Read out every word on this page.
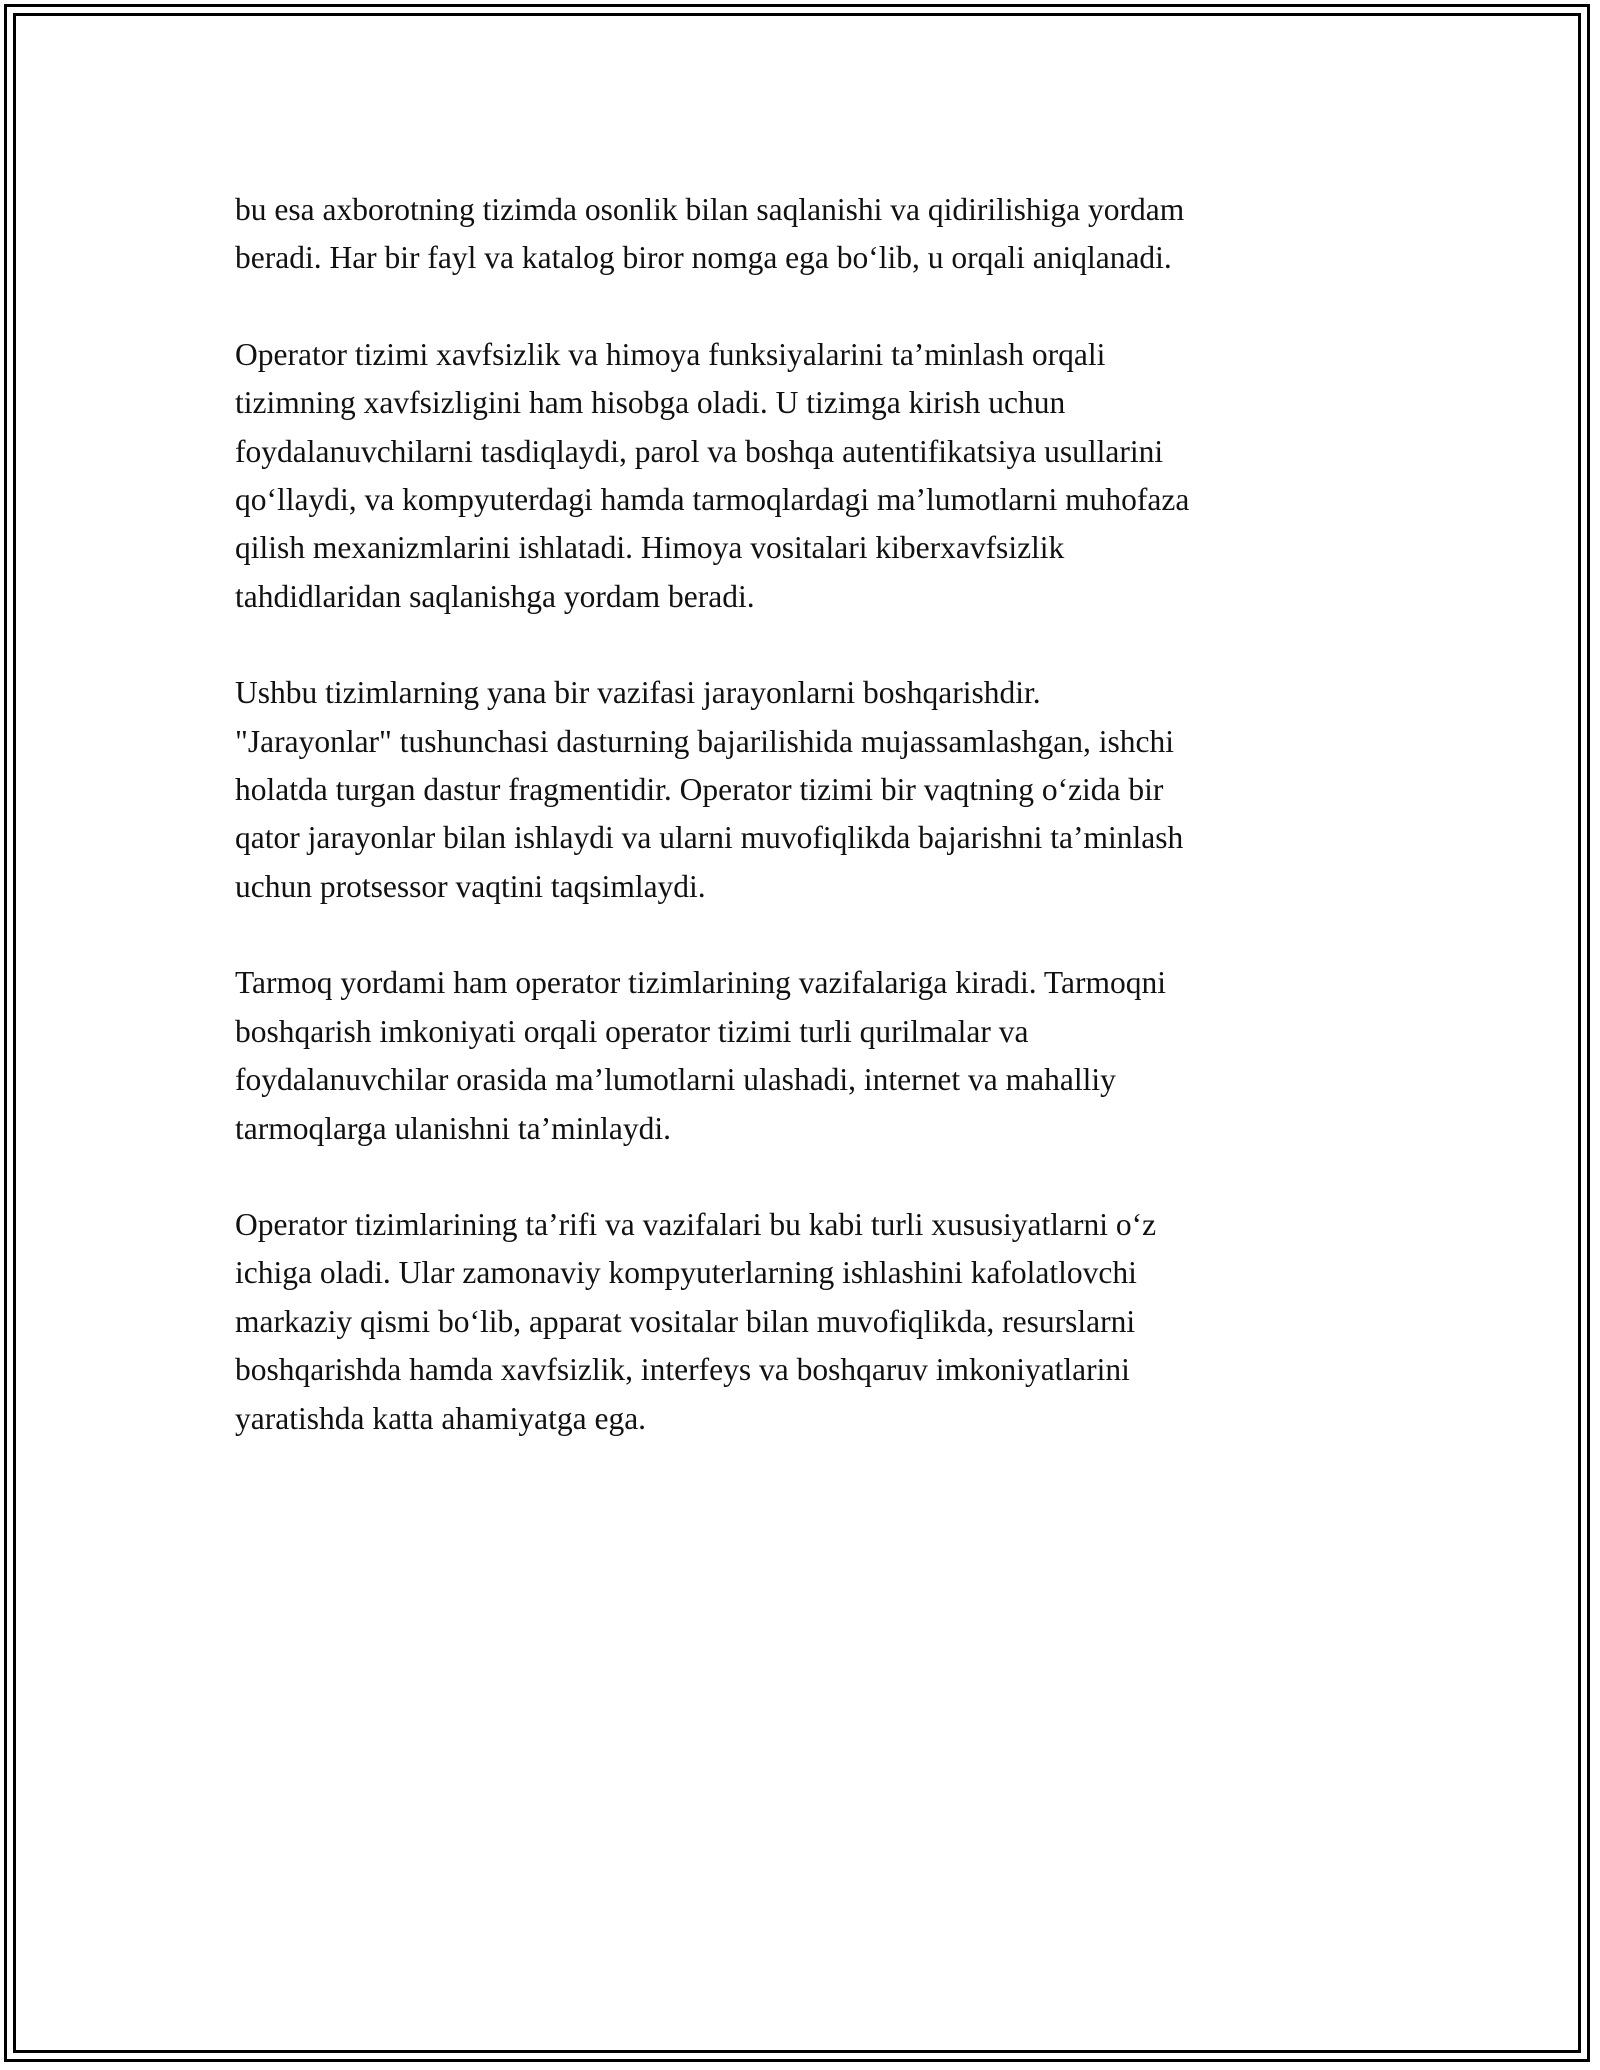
bu esa axborotning tizimda osonlik bilan saqlanishi va qidirilishiga yordam
beradi. Har bir fayl va katalog biror nomga ega bo‘lib, u orqali aniqlanadi.

Operator tizimi xavfsizlik va himoya funksiyalarini ta’minlash orqali
tizimning xavfsizligini ham hisobga oladi. U tizimga kirish uchun
foydalanuvchilarni tasdiqlaydi, parol va boshqa autentifikatsiya usullarini
qo‘llaydi, va kompyuterdagi hamda tarmoqlardagi ma’lumotlarni muhofaza
qilish mexanizmlarini ishlatadi. Himoya vositalari kiberxavfsizlik
tahdidlaridan saqlanishga yordam beradi.

Ushbu tizimlarning yana bir vazifasi jarayonlarni boshqarishdir.
"Jarayonlar" tushunchasi dasturning bajarilishida mujassamlashgan, ishchi
holatda turgan dastur fragmentidir. Operator tizimi bir vaqtning o‘zida bir
qator jarayonlar bilan ishlaydi va ularni muvofiqlikda bajarishni ta’minlash
uchun protsessor vaqtini taqsimlaydi.

Tarmoq yordami ham operator tizimlarining vazifalariga kiradi. Tarmoqni
boshqarish imkoniyati orqali operator tizimi turli qurilmalar va
foydalanuvchilar orasida ma’lumotlarni ulashadi, internet va mahalliy
tarmoqlarga ulanishni ta’minlaydi.

Operator tizimlarining ta’rifi va vazifalari bu kabi turli xususiyatlarni o‘z
ichiga oladi. Ular zamonaviy kompyuterlarning ishlashini kafolatlovchi
markaziy qismi bo‘lib, apparat vositalar bilan muvofiqlikda, resurslarni
boshqarishda hamda xavfsizlik, interfeys va boshqaruv imkoniyatlarini
yaratishda katta ahamiyatga ega.
